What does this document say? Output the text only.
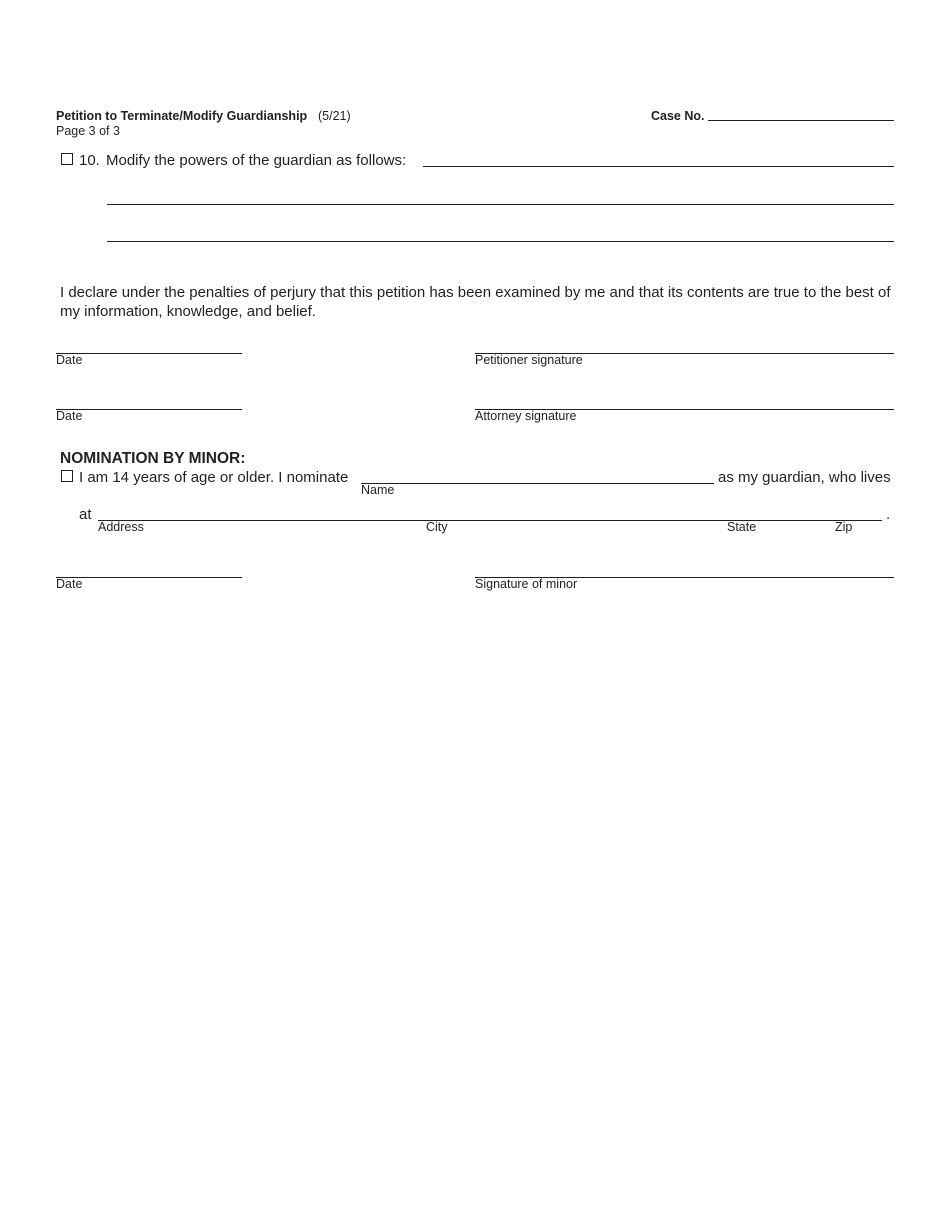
Petition to Terminate/Modify Guardianship (5/21)
Page 3 of 3
Case No.
10. Modify the powers of the guardian as follows:
I declare under the penalties of perjury that this petition has been examined by me and that its contents are true to the best of my information, knowledge, and belief.
Date	Petitioner signature
Date	Attorney signature
NOMINATION BY MINOR:
I am 14 years of age or older. I nominate
Name
as my guardian, who lives
at	.
Address	City	State	Zip
Date	Signature of minor
